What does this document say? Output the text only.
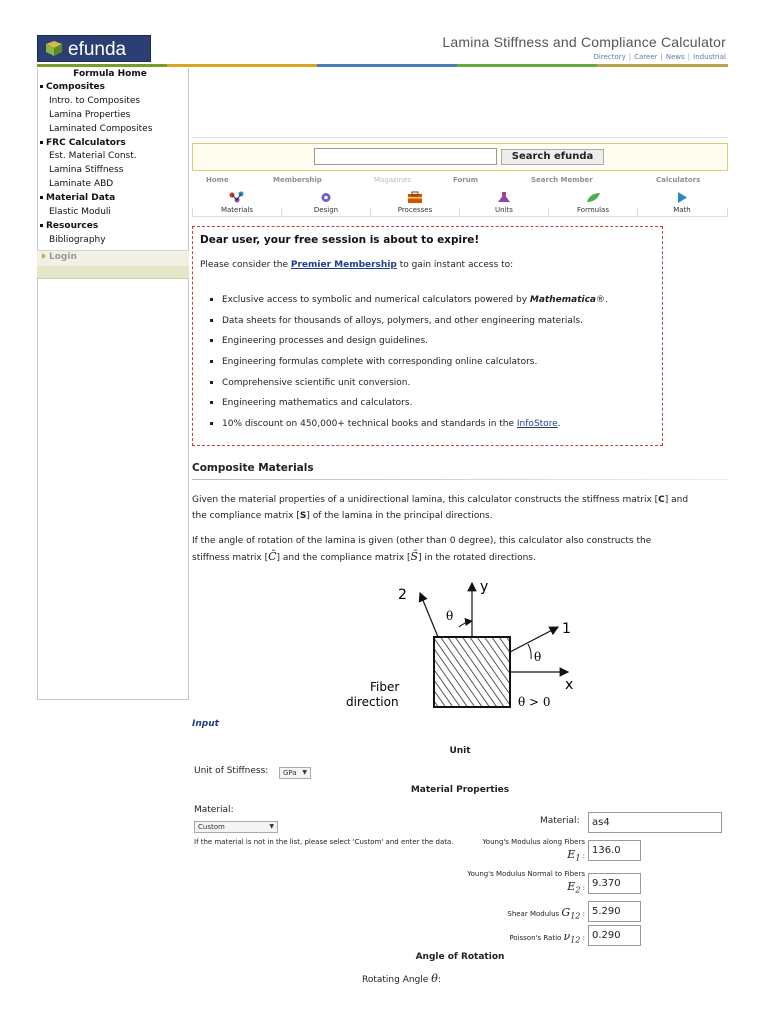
efunda	Lamina Stiffness and Compliance Calculator
Directory | Career | News | Industrial
Formula Home
Composites
Intro. to Composites
Lamina Properties
Laminated Composites
FRC Calculators
Est. Material Const.
Lamina Stiffness
Laminate ABD
Material Data
Elastic Moduli
Resources
Bibliography
Login
Search efunda
Home	Membership	Magazines	Forum	Search Member	Calculators
Materials	Design	Processes	Units	Formulas	Math
Dear user, your free session is about to expire!
Please consider the Premier Membership to gain instant access to:
Exclusive access to symbolic and numerical calculators powered by Mathematica®.
Data sheets for thousands of alloys, polymers, and other engineering materials.
Engineering processes and design guidelines.
Engineering formulas complete with corresponding online calculators.
Comprehensive scientific unit conversion.
Engineering mathematics and calculators.
10% discount on 450,000+ technical books and standards in the InfoStore.
Composite Materials
Given the material properties of a unidirectional lamina, this calculator constructs the stiffness matrix [C] and
the compliance matrix [S] of the lamina in the principal directions.
If the angle of rotation of the lamina is given (other than 0 degree), this calculator also constructs the
stiffness matrix [C̄] and the compliance matrix [S̄] in the rotated directions.
2	y
1
x
θ
θ
Fiber
direction	θ > 0
Input
Unit
Unit of Stiffness:	GPa ▼
Material Properties
Material:
Custom ▼
If the material is not in the list, please select 'Custom' and enter the data.
Material:	as4
Young's Modulus along Fibers
$E_1$ : 136.0
Young's Modulus Normal to Fibers
$E_2$ : 9.370
Shear Modulus $G_{12}$ : 5.290
Poisson's Ratio $\nu_{12}$ : 0.290
Angle of Rotation
Rotating Angle θ:
